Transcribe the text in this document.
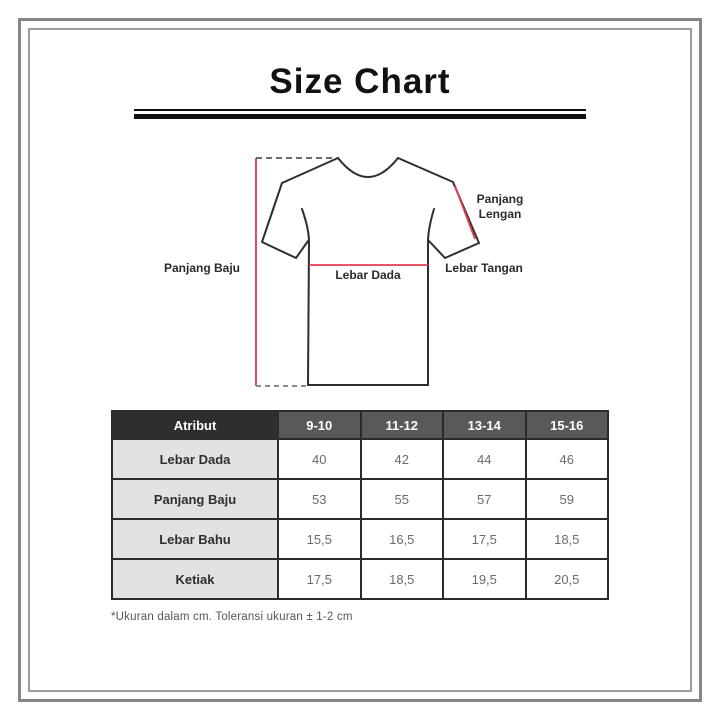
Size Chart
Panjang Baju	Lebar Dada
Panjang
Lengan
Lebar Tangan
Atribut	9-10	11-12	13-14	15-16
Lebar Dada	40	42	44	46
Panjang Baju	53	55	57	59
Lebar Bahu	15,5	16,5	17,5	18,5
Ketiak	17,5	18,5	19,5	20,5
*Ukuran dalam cm. Toleransi ukuran ± 1-2 cm
